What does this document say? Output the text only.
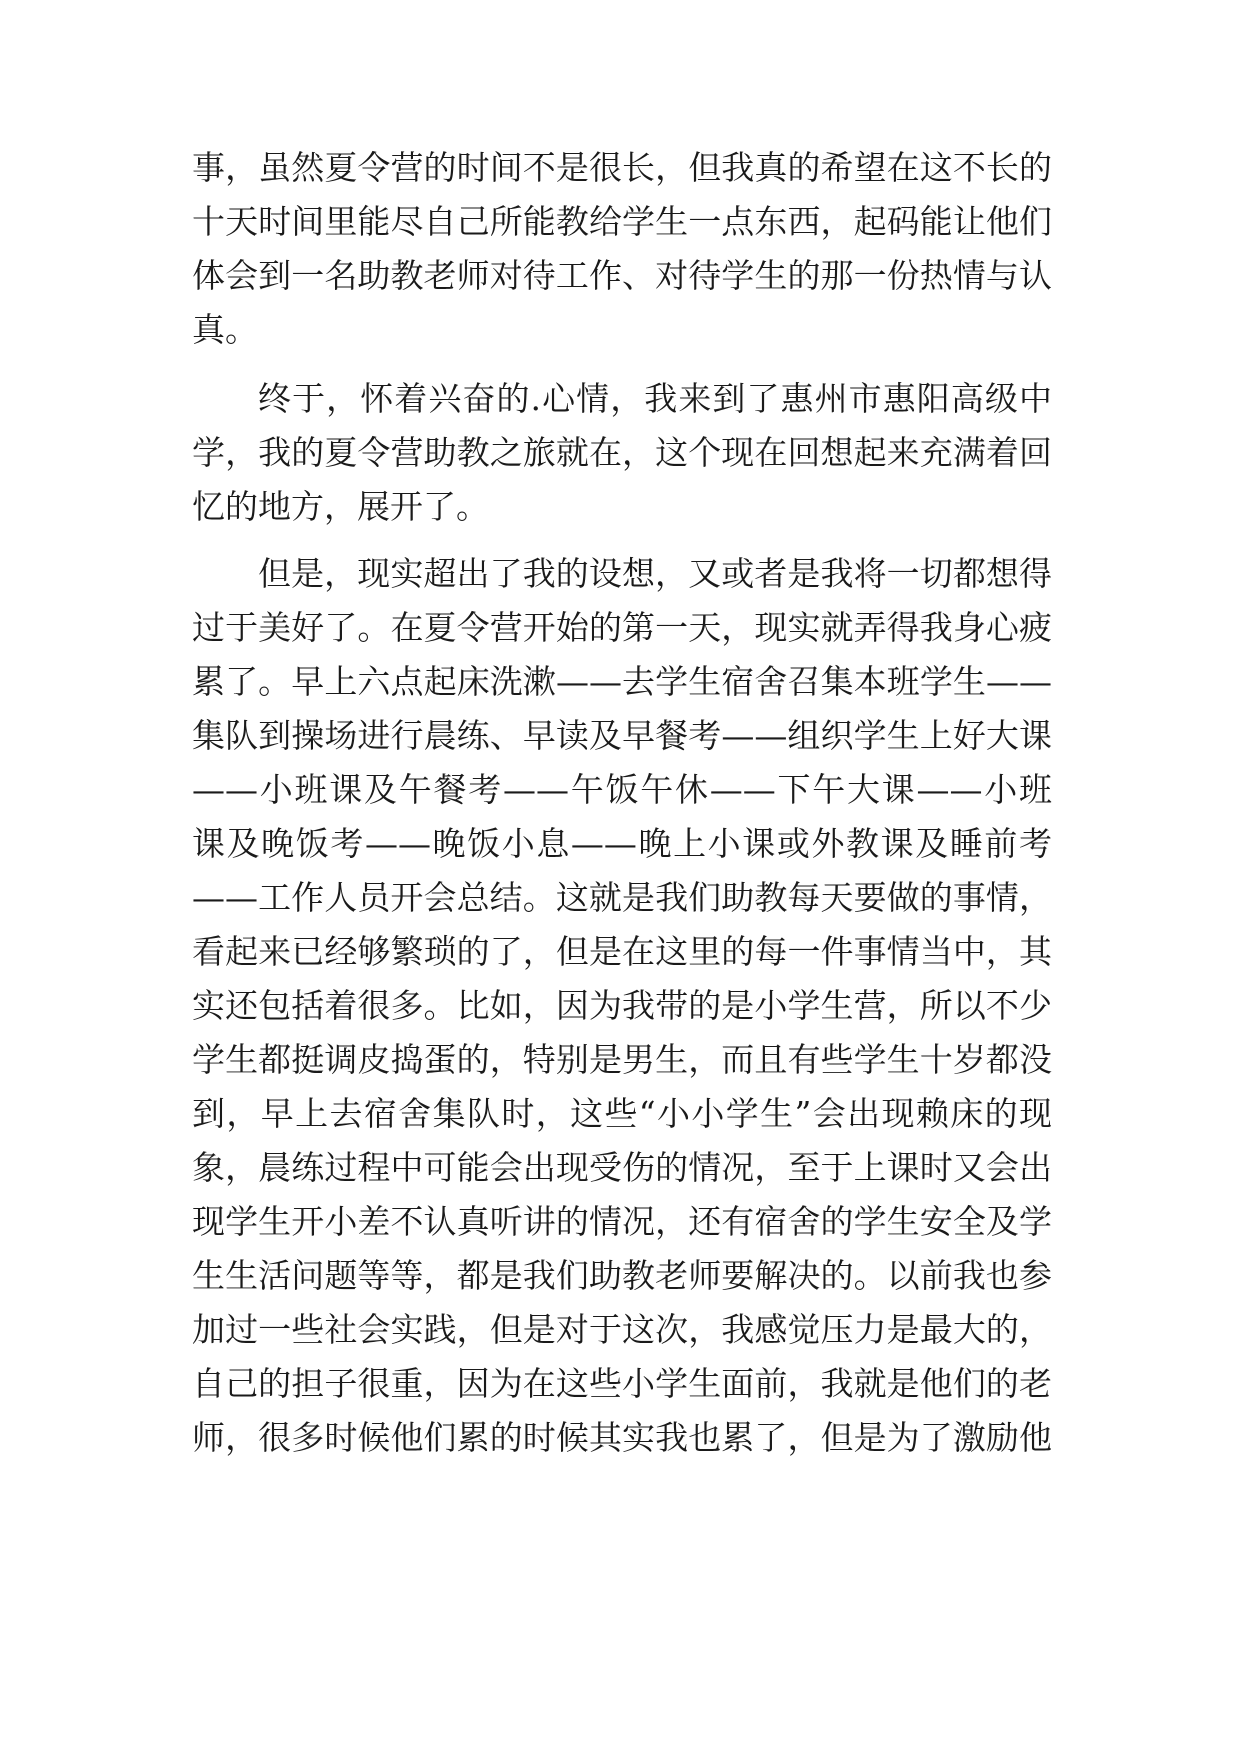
事，虽然夏令营的时间不是很长，但我真的希望在这不长的
十天时间里能尽自己所能教给学生一点东西，起码能让他们
体会到一名助教老师对待工作、对待学生的那一份热情与认
真。
终于，怀着兴奋的.心情，我来到了惠州市惠阳高级中
学，我的夏令营助教之旅就在，这个现在回想起来充满着回
忆的地方，展开了。
但是，现实超出了我的设想，又或者是我将一切都想得
过于美好了。在夏令营开始的第一天，现实就弄得我身心疲
累了。早上六点起床洗漱——去学生宿舍召集本班学生——
集队到操场进行晨练、早读及早餐考——组织学生上好大课
——小班课及午餐考——午饭午休——下午大课——小班
课及晚饭考——晚饭小息——晚上小课或外教课及睡前考
——工作人员开会总结。这就是我们助教每天要做的事情，
看起来已经够繁琐的了，但是在这里的每一件事情当中，其
实还包括着很多。比如，因为我带的是小学生营，所以不少
学生都挺调皮捣蛋的，特别是男生，而且有些学生十岁都没
到，早上去宿舍集队时，这些“小小学生”会出现赖床的现
象，晨练过程中可能会出现受伤的情况，至于上课时又会出
现学生开小差不认真听讲的情况，还有宿舍的学生安全及学
生生活问题等等，都是我们助教老师要解决的。以前我也参
加过一些社会实践，但是对于这次，我感觉压力是最大的，
自己的担子很重，因为在这些小学生面前，我就是他们的老
师，很多时候他们累的时候其实我也累了，但是为了激励他
